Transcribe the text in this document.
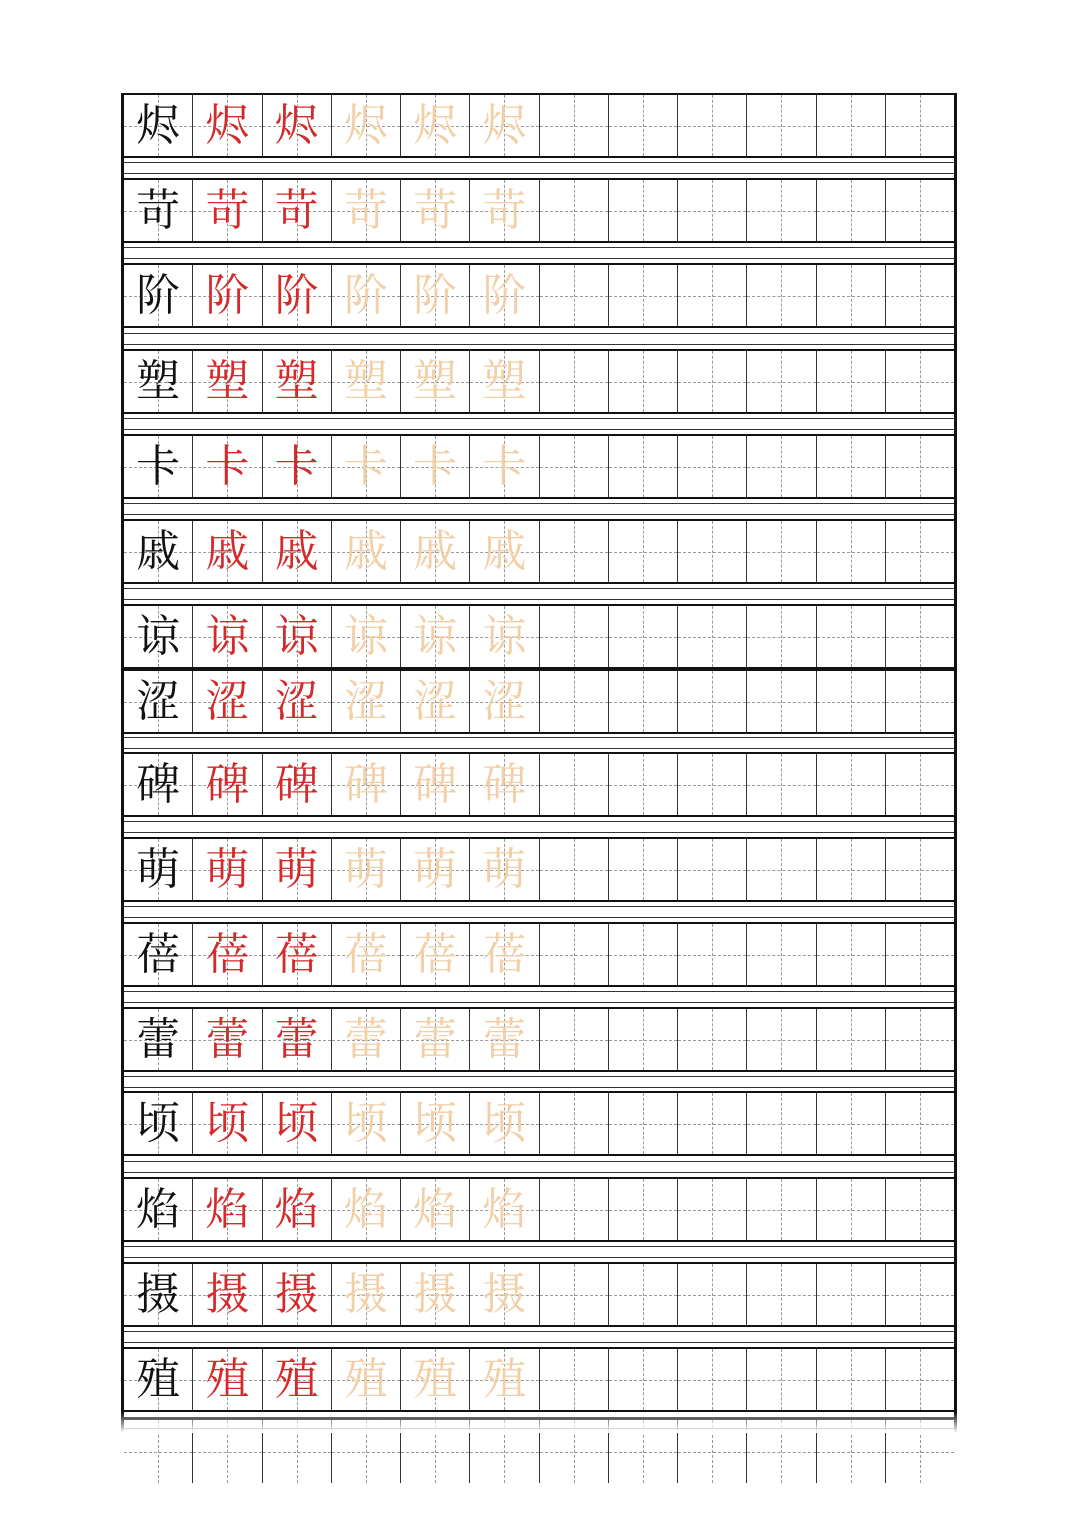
烬 烬 烬 烬 烬 烬
苛 苛 苛 苛 苛 苛
阶 阶 阶 阶 阶 阶
塑 塑 塑 塑 塑 塑
卡 卡 卡 卡 卡 卡
戚 戚 戚 戚 戚 戚
谅 谅 谅 谅 谅 谅
涩 涩 涩 涩 涩 涩
碑 碑 碑 碑 碑 碑
萌 萌 萌 萌 萌 萌
蓓 蓓 蓓 蓓 蓓 蓓
蕾 蕾 蕾 蕾 蕾 蕾
顷 顷 顷 顷 顷 顷
焰 焰 焰 焰 焰 焰
摄 摄 摄 摄 摄 摄
殖 殖 殖 殖 殖 殖
